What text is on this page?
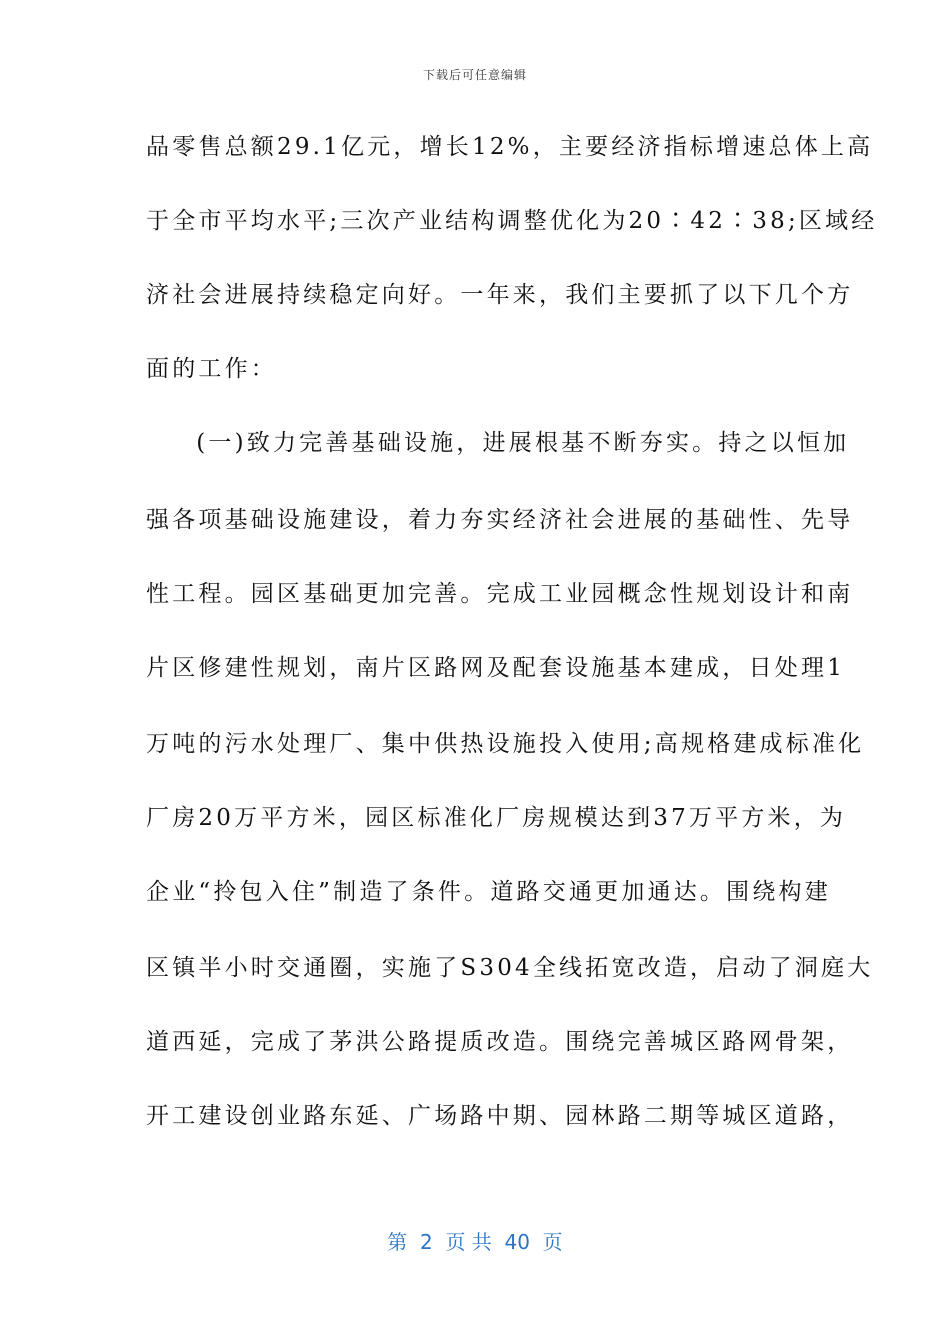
下载后可任意编辑
品零售总额29.1亿元，增长12%，主要经济指标增速总体上高
于全市平均水平;三次产业结构调整优化为20∶42∶38;区域经
济社会进展持续稳定向好。一年来，我们主要抓了以下几个方
面的工作：
　(一)致力完善基础设施，进展根基不断夯实。持之以恒加
强各项基础设施建设，着力夯实经济社会进展的基础性、先导
性工程。园区基础更加完善。完成工业园概念性规划设计和南
片区修建性规划，南片区路网及配套设施基本建成，日处理1
万吨的污水处理厂、集中供热设施投入使用;高规格建成标准化
厂房20万平方米，园区标准化厂房规模达到37万平方米，为
企业“拎包入住”制造了条件。道路交通更加通达。围绕构建
区镇半小时交通圈，实施了S304全线拓宽改造，启动了洞庭大
道西延，完成了茅洪公路提质改造。围绕完善城区路网骨架，
开工建设创业路东延、广场路中期、园林路二期等城区道路，
第  2  页 共  40  页
